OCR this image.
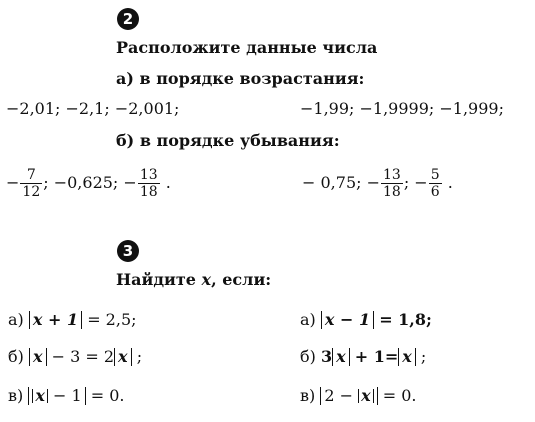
2
Расположите данные числа
а) в порядке возрастания:
−2,01; −2,1; −2,001;	−1,99; −1,9999; −1,999;
б) в порядке убывания:
− $\frac{7}{12}$ ; −0,625; − $\frac{13}{18}$ .	− 0,75; − $\frac{13}{18}$ ; − $\frac{5}{6}$ .
3
Найдите x, если:
а) x + 1 = 2,5;
б) x − 3 = 2 x ;
в) x − 1 = 0.
а) x − 1 = 1,8;
б) 3 x + 1= x ;
в) 2 − x = 0.
